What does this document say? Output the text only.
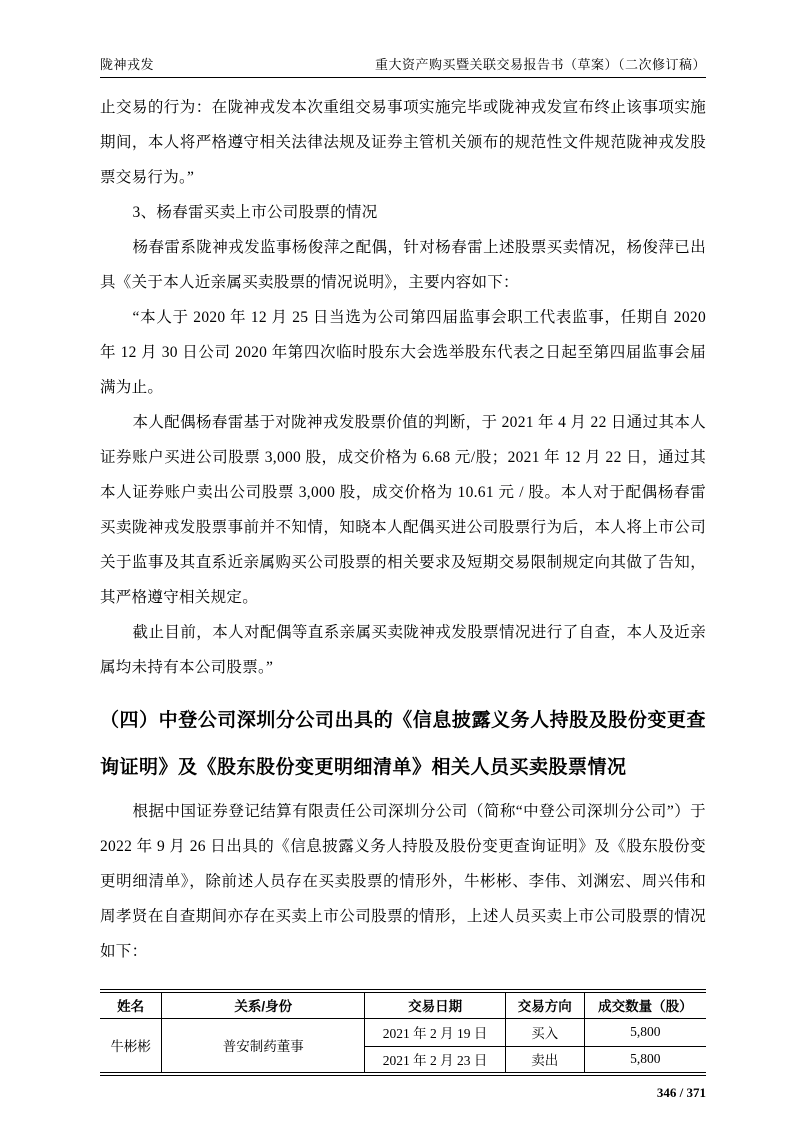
陇神戎发	重大资产购买暨关联交易报告书（草案）（二次修订稿）

止交易的行为：在陇神戎发本次重组交易事项实施完毕或陇神戎发宣布终止该事项实施期间，本人将严格遵守相关法律法规及证券主管机关颁布的规范性文件规范陇神戎发股票交易行为。”

3、杨春雷买卖上市公司股票的情况

杨春雷系陇神戎发监事杨俊萍之配偶，针对杨春雷上述股票买卖情况，杨俊萍已出具《关于本人近亲属买卖股票的情况说明》，主要内容如下：

“本人于 2020 年 12 月 25 日当选为公司第四届监事会职工代表监事，任期自 2020 年 12 月 30 日公司 2020 年第四次临时股东大会选举股东代表之日起至第四届监事会届满为止。

本人配偶杨春雷基于对陇神戎发股票价值的判断，于 2021 年 4 月 22 日通过其本人证券账户买进公司股票 3,000 股，成交价格为 6.68 元/股；2021 年 12 月 22 日，通过其本人证券账户卖出公司股票 3,000 股，成交价格为 10.61 元 / 股。本人对于配偶杨春雷买卖陇神戎发股票事前并不知情，知晓本人配偶买进公司股票行为后，本人将上市公司关于监事及其直系近亲属购买公司股票的相关要求及短期交易限制规定向其做了告知，其严格遵守相关规定。

截止目前，本人对配偶等直系亲属买卖陇神戎发股票情况进行了自查，本人及近亲属均未持有本公司股票。”

（四）中登公司深圳分公司出具的《信息披露义务人持股及股份变更查询证明》及《股东股份变更明细清单》相关人员买卖股票情况

根据中国证券登记结算有限责任公司深圳分公司（简称“中登公司深圳分公司”）于 2022 年 9 月 26 日出具的《信息披露义务人持股及股份变更查询证明》及《股东股份变更明细清单》，除前述人员存在买卖股票的情形外，牛彬彬、李伟、刘渊宏、周兴伟和周孝贤在自查期间亦存在买卖上市公司股票的情形，上述人员买卖上市公司股票的情况如下：

姓名	关系/身份	交易日期	交易方向	成交数量（股）
牛彬彬	普安制药董事	2021 年 2 月 19 日	买入	5,800
		2021 年 2 月 23 日	卖出	5,800
346 / 371
